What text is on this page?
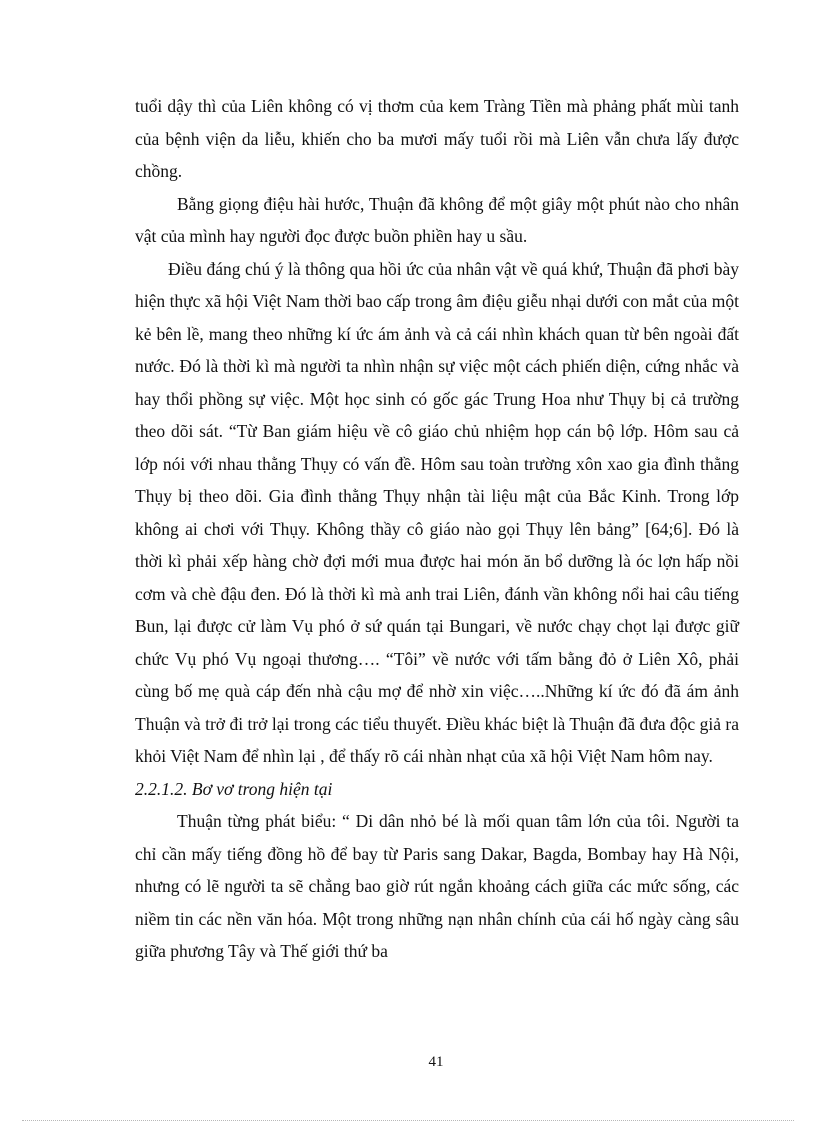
tuổi dậy thì của Liên không có vị thơm của kem Tràng Tiền mà phảng phất mùi tanh của bệnh viện da liễu, khiến cho ba mươi mấy tuổi rồi mà Liên vẫn chưa lấy được chồng.

Bằng giọng điệu hài hước, Thuận đã không để một giây một phút nào cho nhân vật của mình hay người đọc được buồn phiền hay u sầu.

Điều đáng chú ý là thông qua hồi ức của nhân vật về quá khứ, Thuận đã phơi bày hiện thực xã hội Việt Nam thời bao cấp trong âm điệu giễu nhại dưới con mắt của một kẻ bên lề, mang theo những kí ức ám ảnh và cả cái nhìn khách quan từ bên ngoài đất nước. Đó là thời kì mà người ta nhìn nhận sự việc một cách phiến diện, cứng nhắc và hay thổi phồng sự việc. Một học sinh có gốc gác Trung Hoa như Thụy bị cả trường theo dõi sát. “Từ Ban giám hiệu về cô giáo chủ nhiệm họp cán bộ lớp. Hôm sau cả lớp nói với nhau thằng Thụy có vấn đề. Hôm sau toàn trường xôn xao gia đình thằng Thụy bị theo dõi. Gia đình thằng Thụy nhận tài liệu mật của Bắc Kinh. Trong lớp không ai chơi với Thụy. Không thầy cô giáo nào gọi Thụy lên bảng” [64;6]. Đó là thời kì phải xếp hàng chờ đợi mới mua được hai món ăn bổ dưỡng là óc lợn hấp nồi cơm và chè đậu đen. Đó là thời kì mà anh trai Liên, đánh vần không nổi hai câu tiếng Bun, lại được cử làm Vụ phó ở sứ quán tại Bungari, về nước chạy chọt lại được giữ chức Vụ phó Vụ ngoại thương…. “Tôi” về nước với tấm bằng đỏ ở Liên Xô, phải cùng bố mẹ quà cáp đến nhà cậu mợ để nhờ xin việc…..Những kí ức đó đã ám ảnh Thuận và trở đi trở lại trong các tiểu thuyết. Điều khác biệt là Thuận đã đưa độc giả ra khỏi Việt Nam để nhìn lại , để thấy rõ cái nhàn nhạt của xã hội Việt Nam hôm nay.

2.2.1.2. Bơ vơ trong hiện tại

Thuận từng phát biểu: “ Di dân nhỏ bé là mối quan tâm lớn của tôi. Người ta chỉ cần mấy tiếng đồng hồ để bay từ Paris sang Dakar, Bagda, Bombay hay Hà Nội, nhưng có lẽ người ta sẽ chẳng bao giờ rút ngắn khoảng cách giữa các mức sống, các niềm tin các nền văn hóa. Một trong những nạn nhân chính của cái hố ngày càng sâu giữa phương Tây và Thế giới thứ ba

41
